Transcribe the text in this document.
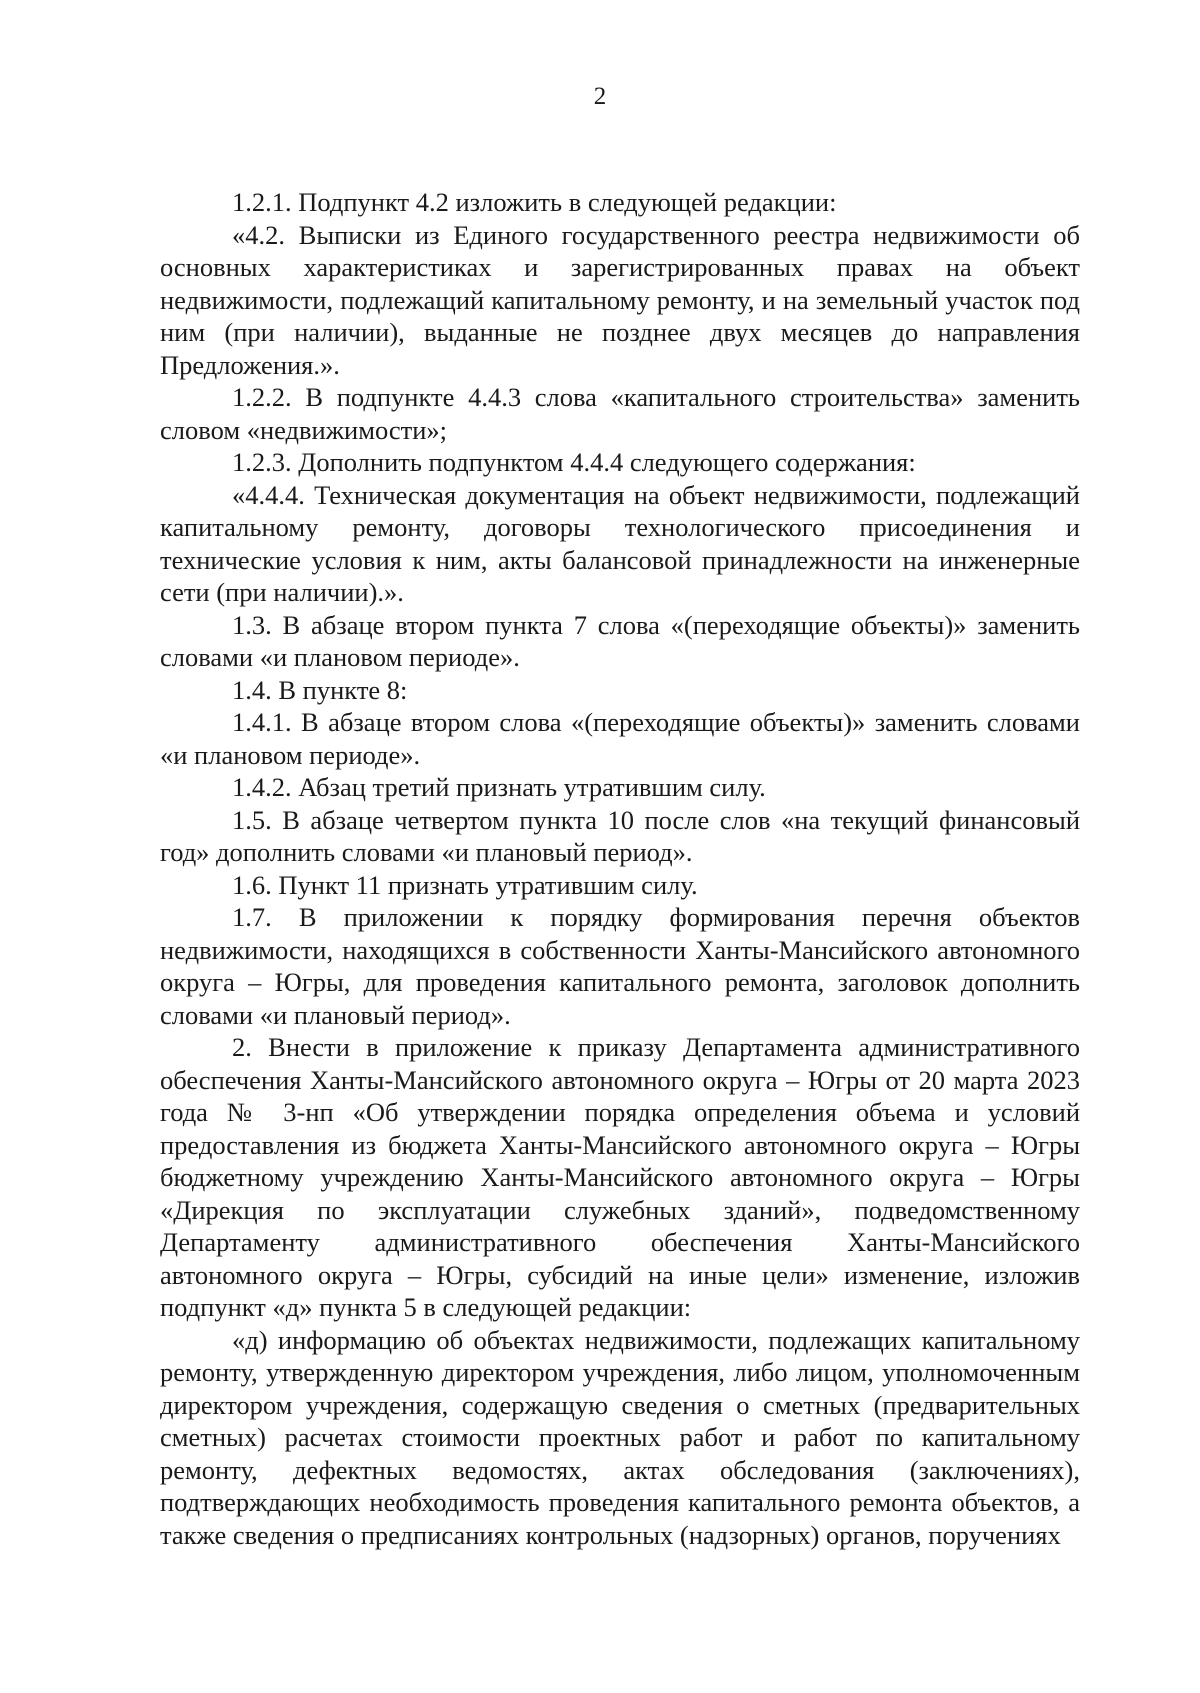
2

1.2.1. Подпункт 4.2 изложить в следующей редакции:

«4.2. Выписки из Единого государственного реестра недвижимости об основных характеристиках и зарегистрированных правах на объект недвижимости, подлежащий капитальному ремонту, и на земельный участок под ним (при наличии), выданные не позднее двух месяцев до направления Предложения.».

1.2.2. В подпункте 4.4.3 слова «капитального строительства» заменить словом «недвижимости»;

1.2.3. Дополнить подпунктом 4.4.4 следующего содержания:

«4.4.4. Техническая документация на объект недвижимости, подлежащий капитальному ремонту, договоры технологического присоединения и технические условия к ним, акты балансовой принадлежности на инженерные сети (при наличии).».

1.3. В абзаце втором пункта 7 слова «(переходящие объекты)» заменить словами «и плановом периоде».

1.4. В пункте 8:

1.4.1. В абзаце втором слова «(переходящие объекты)» заменить словами «и плановом периоде».

1.4.2. Абзац третий признать утратившим силу.

1.5. В абзаце четвертом пункта 10 после слов «на текущий финансовый год» дополнить словами «и плановый период».

1.6. Пункт 11 признать утратившим силу.

1.7. В приложении к порядку формирования перечня объектов недвижимости, находящихся в собственности Ханты-Мансийского автономного округа – Югры, для проведения капитального ремонта, заголовок дополнить словами «и плановый период».

2. Внести в приложение к приказу Департамента административного обеспечения Ханты-Мансийского автономного округа – Югры от 20 марта 2023 года № 3-нп «Об утверждении порядка определения объема и условий предоставления из бюджета Ханты-Мансийского автономного округа – Югры бюджетному учреждению Ханты-Мансийского автономного округа – Югры «Дирекция по эксплуатации служебных зданий», подведомственному Департаменту административного обеспечения Ханты-Мансийского автономного округа – Югры, субсидий на иные цели» изменение, изложив подпункт «д» пункта 5 в следующей редакции:

«д) информацию об объектах недвижимости, подлежащих капитальному ремонту, утвержденную директором учреждения, либо лицом, уполномоченным директором учреждения, содержащую сведения о сметных (предварительных сметных) расчетах стоимости проектных работ и работ по капитальному ремонту, дефектных ведомостях, актах обследования (заключениях), подтверждающих необходимость проведения капитального ремонта объектов, а также сведения о предписаниях контрольных (надзорных) органов, поручениях
